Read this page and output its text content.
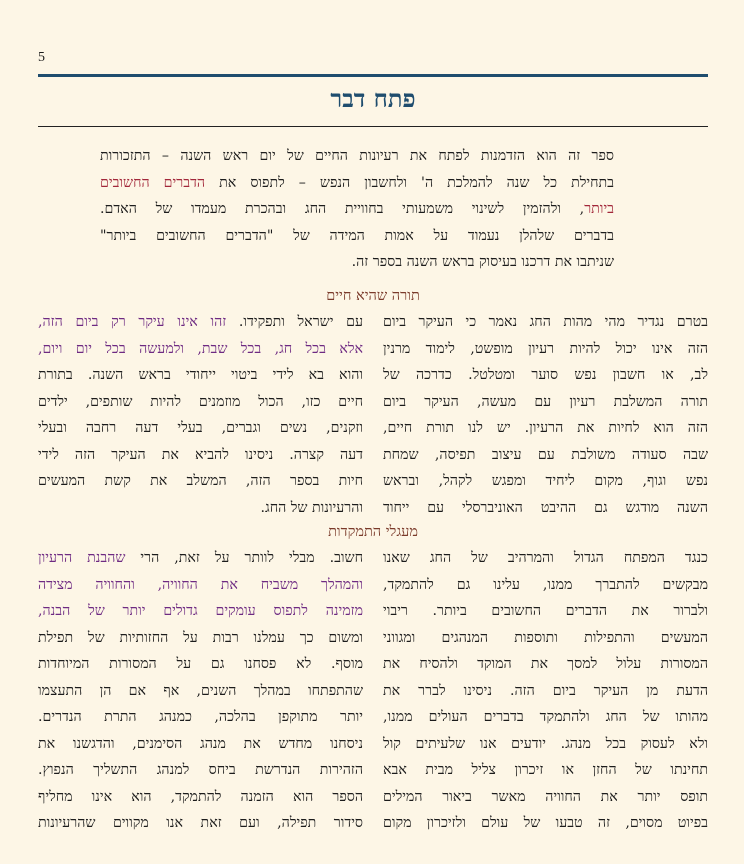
5
פתח דבר
ספר זה הוא הזדמנות לפתח את רעיונות החיים של יום ראש השנה – התזכורות
בתחילת כל שנה להמלכת ה' ולחשבון הנפש – לתפוס את הדברים החשובים
ביותר, ולהזמין לשינוי משמעותי בחוויית החג ובהכרת מעמדו של האדם.
בדברים שלהלן נעמוד על אמות המידה של "הדברים החשובים ביותר"
שניתבו את דרכנו בעיסוק בראש השנה בספר זה.
תורה שהיא חיים
בטרם נגדיר מהי מהות החג נאמר כי העיקר ביום
הזה אינו יכול להיות רעיון מופשט, לימוד מרנין
לב, או חשבון נפש סוער ומטלטל. כדרכה של
תורה המשלבת רעיון עם מעשה, העיקר ביום
הזה הוא לחיות את הרעיון. יש לנו תורת חיים,
שבה סעודה משולבת עם עיצוב תפיסה, שמחת
נפש וגוף, מקום ליחיד ומפגש לקהל, ובראש
השנה מודגש גם ההיבט האוניברסלי עם ייחוד
עם ישראל ותפקידו. זהו אינו עיקר רק ביום הזה,
אלא בכל חג, בכל שבת, ולמעשה בכל יום ויום,
והוא בא לידי ביטוי ייחודי בראש השנה. בתורת
חיים כזו, הכול מוזמנים להיות שותפים, ילדים
וזקנים, נשים וגברים, בעלי דעה רחבה ובעלי
דעה קצרה. ניסינו להביא את העיקר הזה לידי
חיות בספר הזה, המשלב את קשת המעשים
והרעיונות של החג.
מעגלי התמקדות
כנגד המפתח הגדול והמרהיב של החג שאנו
מבקשים להתברך ממנו, עלינו גם להתמקד,
ולברור את הדברים החשובים ביותר. ריבוי
המעשים והתפילות ותוספות המנהגים ומגווני
המסורות עלול למסך את המוקד ולהסיח את
הדעת מן העיקר ביום הזה. ניסינו לברר את
מהותו של החג ולהתמקד בדברים העולים ממנו,
ולא לעסוק בכל מנהג. יודעים אנו שלעיתים קול
תחינתו של החזן או זיכרון צליל מבית אבא
תופס יותר את החוויה מאשר ביאור המילים
בפיוט מסוים, זה טבעו של עולם ולזיכרון מקום
חשוב. מבלי לוותר על זאת, הרי שהבנת הרעיון
והמהלך משביח את החוויה, והחוויה מצידה
מזמינה לתפוס עומקים גדולים יותר של הבנה,
ומשום כך עמלנו רבות על החזותיות של תפילת
מוסף. לא פסחנו גם על המסורות המיוחדות
שהתפתחו במהלך השנים, אף אם הן התעצמו
יותר מתוקפן בהלכה, כמנהג התרת הנדרים.
ניסחנו מחדש את מנהג הסימנים, והדגשנו את
הזהירות הנדרשת ביחס למנהג התשליך הנפוץ.
הספר הוא הזמנה להתמקד, הוא אינו מחליף
סידור תפילה, ועם זאת אנו מקווים שהרעיונות
